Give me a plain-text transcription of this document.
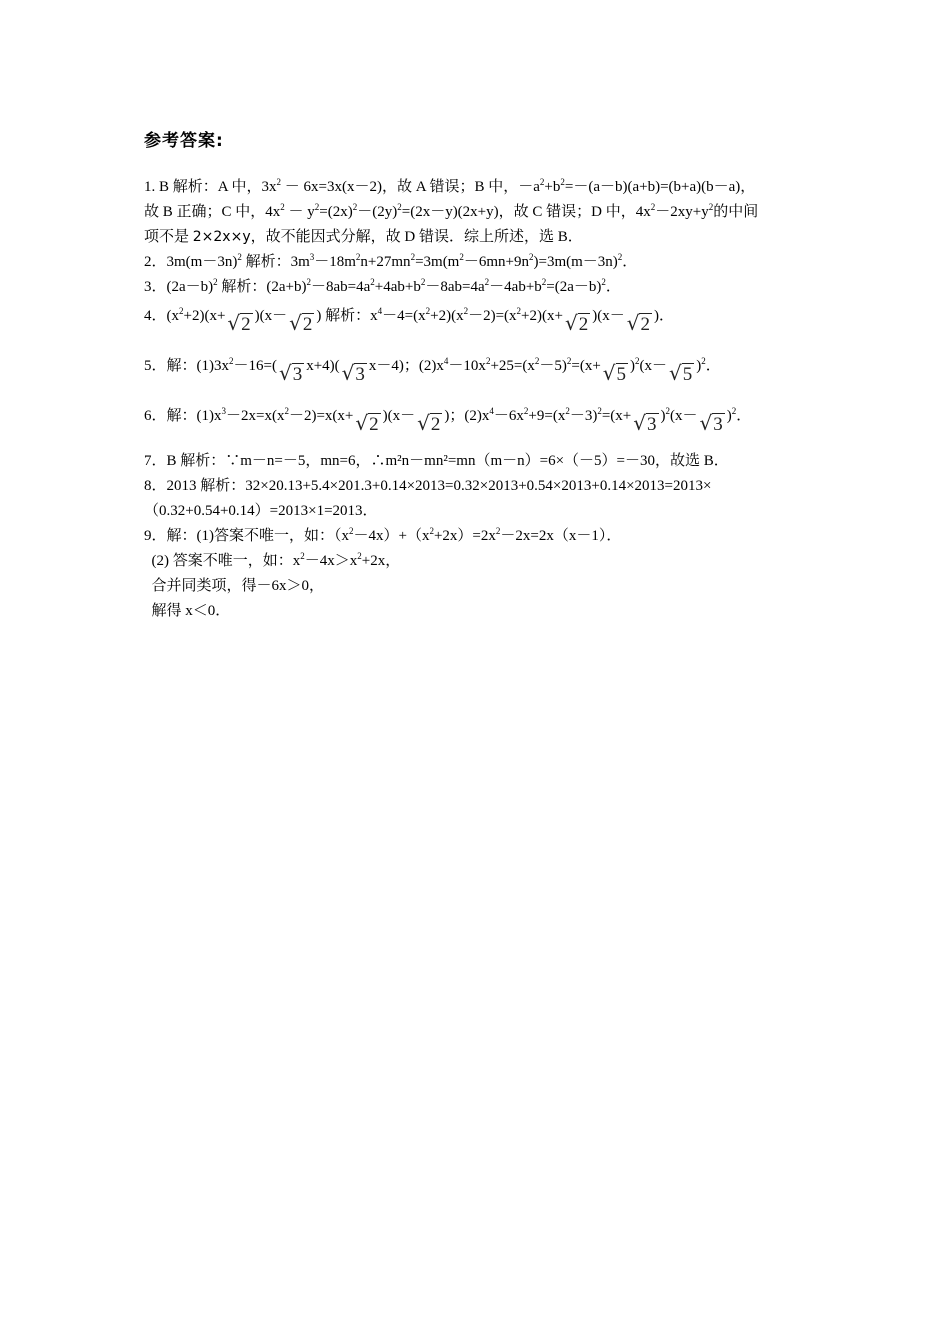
参考答案:
1. B 解析：A 中，$3x^2 - 6x=3x(x-2)$，故 A 错误；B 中，$-a^2+b^2=-(a-b)(a+b)=(b+a)(b-a)$，
故 B 正确；C 中，$4x^2 - y^2=(2x)^2-(2y)^2=(2x-y)(2x+y)$，故 C 错误；D 中，$4x^2-2xy+y^2$的中间
项不是 2×2x×y，故不能因式分解，故 D 错误．综上所述，选 B．
2．$3m(m-3n)^2$ 解析：$3m^3-18m^2n+27mn^2=3m(m^2-6mn+9n^2)=3m(m-3n)^2$．
3．$(2a-b)^2$ 解析：$(2a+b)^2-8ab=4a^2+4ab+b^2-8ab=4a^2-4ab+b^2=(2a-b)^2$．
4．$(x^2+2)(x+ √2$ )(x－ √2 ) 解析：$x^4-4=(x^2+2)(x^2-2)=(x^2+2)(x+ √2$ )(x－ √2 )．
5．解：$(1)3x^2-16=$( √3 x+4)( √3 x－4)；$(2)x^4-10x^2+25=(x^2-5)^2=(x+ √5$ )$^2$(x－ √5 )$^2$．
6．解：$(1)x^3-2x=x(x^2-2)=x(x+ √2$ )(x－ √2 )；$(2)x^4-6x^2+9=(x^2-3)^2=(x+ √3$ )$^2$(x－ √3 )$^2$．
7．B 解析：∵m－n=－5，mn=6，∴m²n－mn²=mn（m－n）=6×（－5）=－30，故选 B．
8．2013 解析：32×20.13+5.4×201.3+0.14×2013=0.32×2013+0.54×2013+0.14×2013=2013×
（0.32+0.54+0.14）=2013×1=2013．
9．解：(1)答案不唯一，如：$(x^2-4x)+(x^2+2x)=2x^2-2x=2x(x-1)$．
(2) 答案不唯一，如：$x^2-4x>x^2+2x$，
合并同类项，得－6x＞0，
解得 x＜0．
